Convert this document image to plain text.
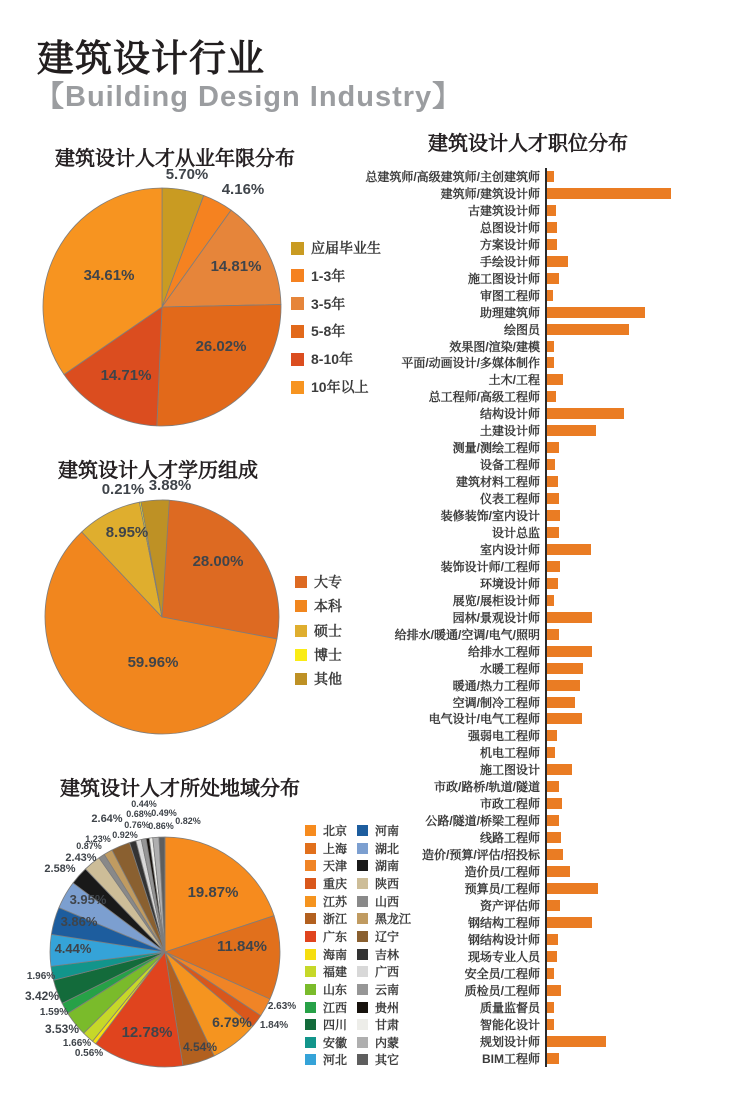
建筑设计行业
【Building Design Industry】
建筑设计人才从业年限分布
建筑设计人才学历组成
建筑设计人才所处地域分布
建筑设计人才职位分布
5.70%
4.16%
14.81%
26.02%
14.71%
34.61%
28.00%
59.96%
8.95%
0.21% 3.88%
19.87%
11.84%
2.63%
1.84%
6.79%
4.54%
12.78%
0.56%
1.66%
3.53%
1.59%
3.42%
1.96%
4.44%
3.86%
3.95%
2.58%
2.43%
0.87%
1.23%
2.64%
0.92%
0.76%
0.68%
0.44%
0.49%
0.86% 0.82%
应届毕业生
1-3年
3-5年
5-8年
8-10年
10年以上
大专
本科
硕士
博士
其他
北京
上海
天津
重庆
江苏
浙江
广东
海南
福建
山东
江西
四川
安徽
河北
河南
湖北
湖南
陕西
山西
黑龙江
辽宁
吉林
广西
云南
贵州
甘肃
内蒙
其它
总建筑师/高级建筑师/主创建筑师
建筑师/建筑设计师
古建筑设计师
总图设计师
方案设计师
手绘设计师
施工图设计师
审图工程师
助理建筑师
绘图员
效果图/渲染/建模
平面/动画设计/多媒体制作
土木/工程
总工程师/高级工程师
结构设计师
土建设计师
测量/测绘工程师
设备工程师
建筑材料工程师
仪表工程师
装修装饰/室内设计
设计总监
室内设计师
装饰设计师/工程师
环境设计师
展览/展柜设计师
园林/景观设计师
给排水/暖通/空调/电气/照明
给排水工程师
水暖工程师
暖通/热力工程师
空调/制冷工程师
电气设计/电气工程师
强弱电工程师
机电工程师
施工图设计
市政/路桥/轨道/隧道
市政工程师
公路/隧道/桥梁工程师
线路工程师
造价/预算/评估/招投标
造价员/工程师
预算员/工程师
资产评估师
钢结构工程师
钢结构设计师
现场专业人员
安全员/工程师
质检员/工程师
质量监督员
智能化设计
规划设计师
BIM工程师
